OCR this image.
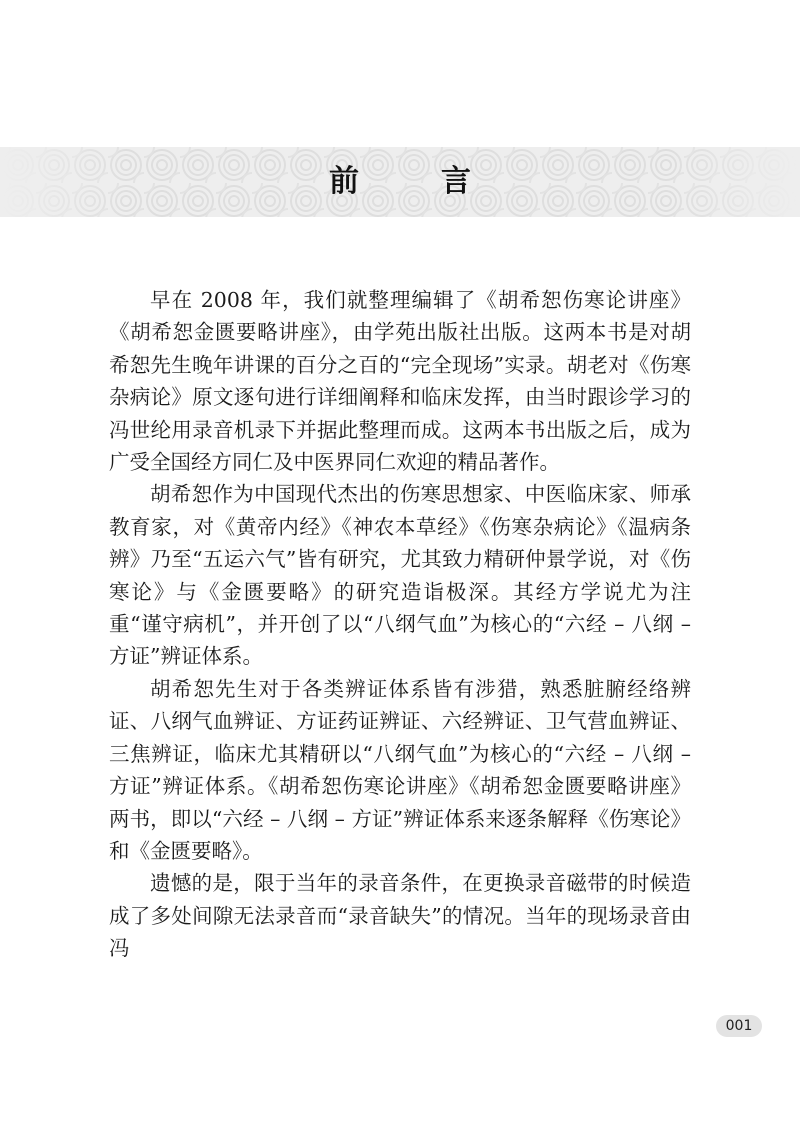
前　言

早在 2008 年，我们就整理编辑了《胡希恕伤寒论讲座》《胡希恕金匮要略讲座》，由学苑出版社出版。这两本书是对胡希恕先生晚年讲课的百分之百的“完全现场”实录。胡老对《伤寒杂病论》原文逐句进行详细阐释和临床发挥，由当时跟诊学习的冯世纶用录音机录下并据此整理而成。这两本书出版之后，成为广受全国经方同仁及中医界同仁欢迎的精品著作。

胡希恕作为中国现代杰出的伤寒思想家、中医临床家、师承教育家，对《黄帝内经》《神农本草经》《伤寒杂病论》《温病条辨》乃至“五运六气”皆有研究，尤其致力精研仲景学说，对《伤寒论》与《金匮要略》的研究造诣极深。其经方学说尤为注重“谨守病机”，并开创了以“八纲气血”为核心的“六经 – 八纲 – 方证”辨证体系。

胡希恕先生对于各类辨证体系皆有涉猎，熟悉脏腑经络辨证、八纲气血辨证、方证药证辨证、六经辨证、卫气营血辨证、三焦辨证，临床尤其精研以“八纲气血”为核心的“六经 – 八纲 – 方证”辨证体系。《胡希恕伤寒论讲座》《胡希恕金匮要略讲座》两书，即以“六经 – 八纲 – 方证”辨证体系来逐条解释《伤寒论》和《金匮要略》。

遗憾的是，限于当年的录音条件，在更换录音磁带的时候造成了多处间隙无法录音而“录音缺失”的情况。当年的现场录音由冯

001
